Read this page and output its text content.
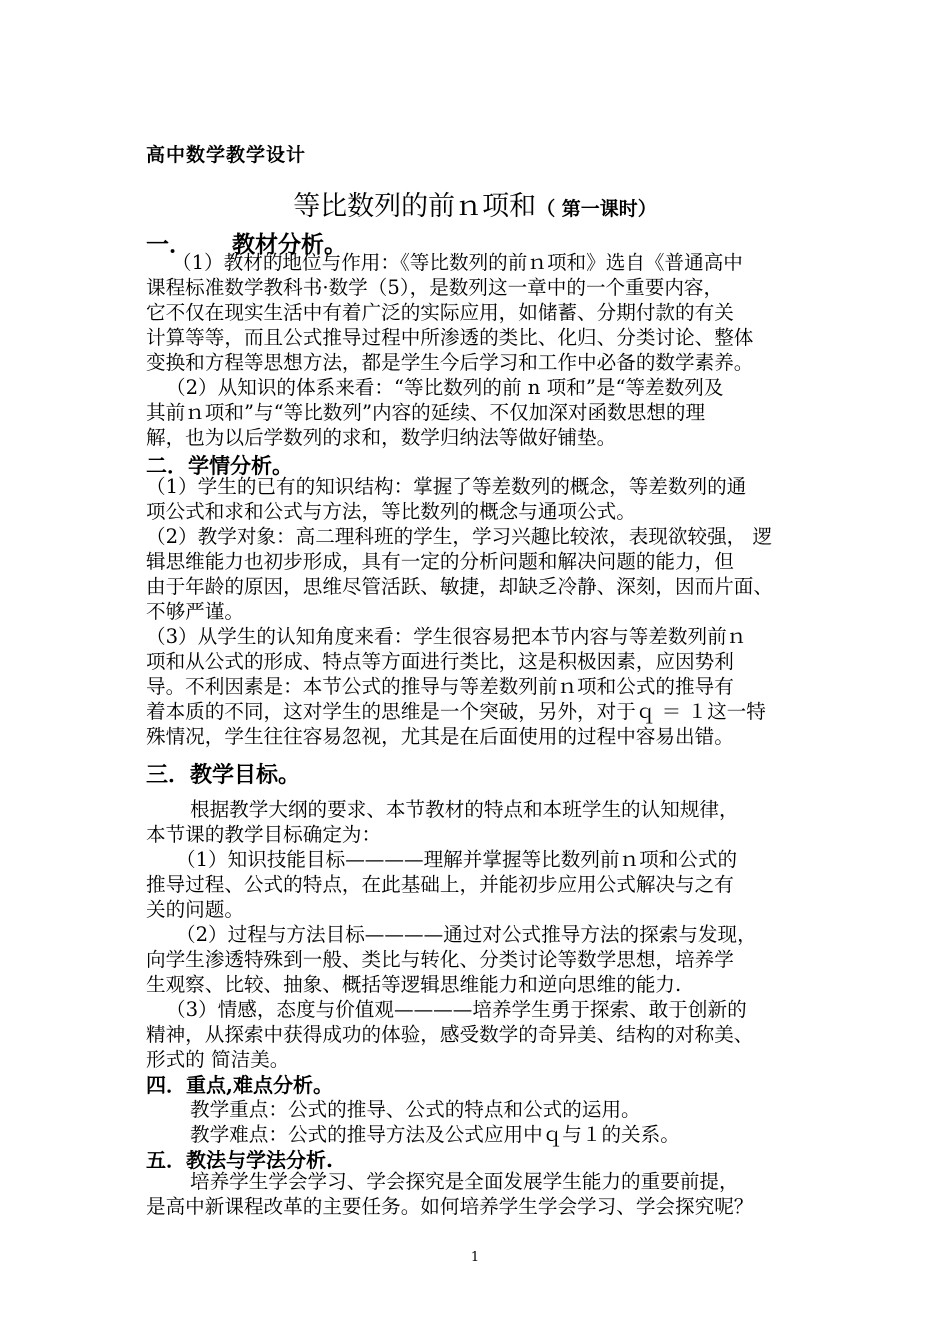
高中数学教学设计
等比数列的前ｎ项和（ 第一课时）
一． 教材分析。
（1）教材的地位与作用：《等比数列的前ｎ项和》选自《普通高中
课程标准数学教科书·数学（5），是数列这一章中的一个重要内容，
它不仅在现实生活中有着广泛的实际应用，如储蓄、分期付款的有关
计算等等，而且公式推导过程中所渗透的类比、化归、分类讨论、整体
变换和方程等思想方法，都是学生今后学习和工作中必备的数学素养。
（2）从知识的体系来看：“等比数列的前 n 项和”是“等差数列及
其前ｎ项和”与“等比数列”内容的延续、不仅加深对函数思想的理
解，也为以后学数列的求和，数学归纳法等做好铺垫。
二．学情分析。
（1）学生的已有的知识结构：掌握了等差数列的概念，等差数列的通
项公式和求和公式与方法，等比数列的概念与通项公式。
（2）教学对象：高二理科班的学生，学习兴趣比较浓，表现欲较强， 逻
辑思维能力也初步形成，具有一定的分析问题和解决问题的能力，但
由于年龄的原因，思维尽管活跃、敏捷，却缺乏冷静、深刻，因而片面、
不够严谨。
（3）从学生的认知角度来看：学生很容易把本节内容与等差数列前ｎ
项和从公式的形成、特点等方面进行类比，这是积极因素，应因势利
导。不利因素是：本节公式的推导与等差数列前ｎ项和公式的推导有
着本质的不同，这对学生的思维是一个突破，另外，对于ｑ ＝ １这一特
殊情况，学生往往容易忽视，尤其是在后面使用的过程中容易出错。
三．教学目标。
根据教学大纲的要求、本节教材的特点和本班学生的认知规律，
本节课的教学目标确定为：
（1）知识技能目标————理解并掌握等比数列前ｎ项和公式的
推导过程、公式的特点，在此基础上，并能初步应用公式解决与之有
关的问题。
（2）过程与方法目标————通过对公式推导方法的探索与发现，
向学生渗透特殊到一般、类比与转化、分类讨论等数学思想，培养学
生观察、比较、抽象、概括等逻辑思维能力和逆向思维的能力.
（3）情感，态度与价值观————培养学生勇于探索、敢于创新的
精神，从探索中获得成功的体验，感受数学的奇异美、结构的对称美、
形式的 简洁美。
四．重点,难点分析。
教学重点：公式的推导、公式的特点和公式的运用。
教学难点：公式的推导方法及公式应用中ｑ与１的关系。
五．教法与学法分析.
培养学生学会学习、学会探究是全面发展学生能力的重要前提，
是高中新课程改革的主要任务。如何培养学生学会学习、学会探究呢？
1
